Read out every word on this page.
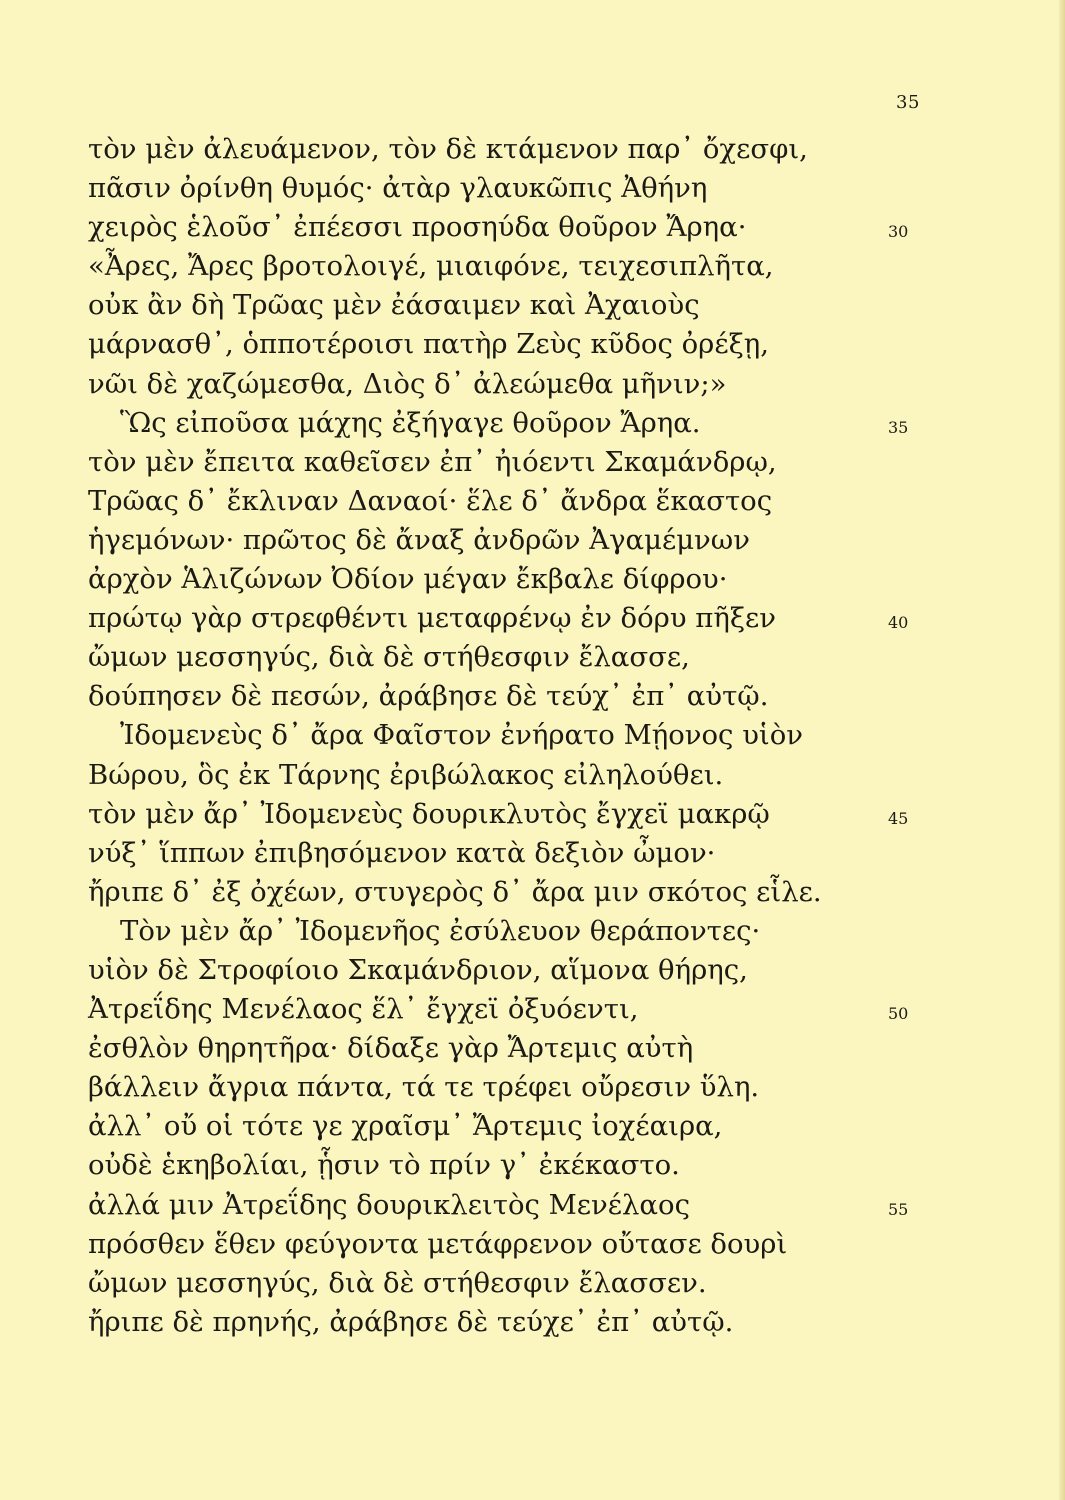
35
τὸν μὲν ἀλευάμενον, τὸν δὲ κτάμενον παρ᾽ ὄχεσφι,
πᾶσιν ὀρίνθη θυμός· ἀτὰρ γλαυκῶπις Ἀθήνη
χειρὸς ἑλοῦσ᾽ ἐπέεσσι προσηύδα θοῦρον Ἄρηα·	30
«Ἆρες, Ἄρες βροτολοιγέ, μιαιφόνε, τειχεσιπλῆτα,
οὐκ ἂν δὴ Τρῶας μὲν ἐάσαιμεν καὶ Ἀχαιοὺς
μάρνασθ᾽, ὁπποτέροισι πατὴρ Ζεὺς κῦδος ὀρέξῃ,
νῶι δὲ χαζώμεσθα, Διὸς δ᾽ ἀλεώμεθα μῆνιν;»
Ὣς εἰποῦσα μάχης ἐξήγαγε θοῦρον Ἄρηα.	35
τὸν μὲν ἔπειτα καθεῖσεν ἐπ᾽ ἠιόεντι Σκαμάνδρῳ,
Τρῶας δ᾽ ἔκλιναν Δαναοί· ἕλε δ᾽ ἄνδρα ἕκαστος
ἡγεμόνων· πρῶτος δὲ ἄναξ ἀνδρῶν Ἀγαμέμνων
ἀρχὸν Ἁλιζώνων Ὀδίον μέγαν ἔκβαλε δίφρου·
πρώτῳ γὰρ στρεφθέντι μεταφρένῳ ἐν δόρυ πῆξεν	40
ὤμων μεσσηγύς, διὰ δὲ στήθεσφιν ἔλασσε,
δούπησεν δὲ πεσών, ἀράβησε δὲ τεύχ᾽ ἐπ᾽ αὐτῷ.
Ἰδομενεὺς δ᾽ ἄρα Φαῖστον ἐνήρατο Μῄονος υἱὸν
Βώρου, ὃς ἐκ Τάρνης ἐριβώλακος εἰληλούθει.
τὸν μὲν ἄρ᾽ Ἰδομενεὺς δουρικλυτὸς ἔγχεϊ μακρῷ	45
νύξ᾽ ἵππων ἐπιβησόμενον κατὰ δεξιὸν ὦμον·
ἤριπε δ᾽ ἐξ ὀχέων, στυγερὸς δ᾽ ἄρα μιν σκότος εἷλε.
Τὸν μὲν ἄρ᾽ Ἰδομενῆος ἐσύλευον θεράποντες·
υἱὸν δὲ Στροφίοιο Σκαμάνδριον, αἵμονα θήρης,
Ἀτρεΐδης Μενέλαος ἕλ᾽ ἔγχεϊ ὀξυόεντι,	50
ἐσθλὸν θηρητῆρα· δίδαξε γὰρ Ἄρτεμις αὐτὴ
βάλλειν ἄγρια πάντα, τά τε τρέφει οὔρεσιν ὕλη.
ἀλλ᾽ οὔ οἱ τότε γε χραῖσμ᾽ Ἄρτεμις ἰοχέαιρα,
οὐδὲ ἑκηβολίαι, ᾗσιν τὸ πρίν γ᾽ ἐκέκαστο.
ἀλλά μιν Ἀτρεΐδης δουρικλειτὸς Μενέλαος	55
πρόσθεν ἕθεν φεύγοντα μετάφρενον οὔτασε δουρὶ
ὤμων μεσσηγύς, διὰ δὲ στήθεσφιν ἔλασσεν.
ἤριπε δὲ πρηνής, ἀράβησε δὲ τεύχε᾽ ἐπ᾽ αὐτῷ.
